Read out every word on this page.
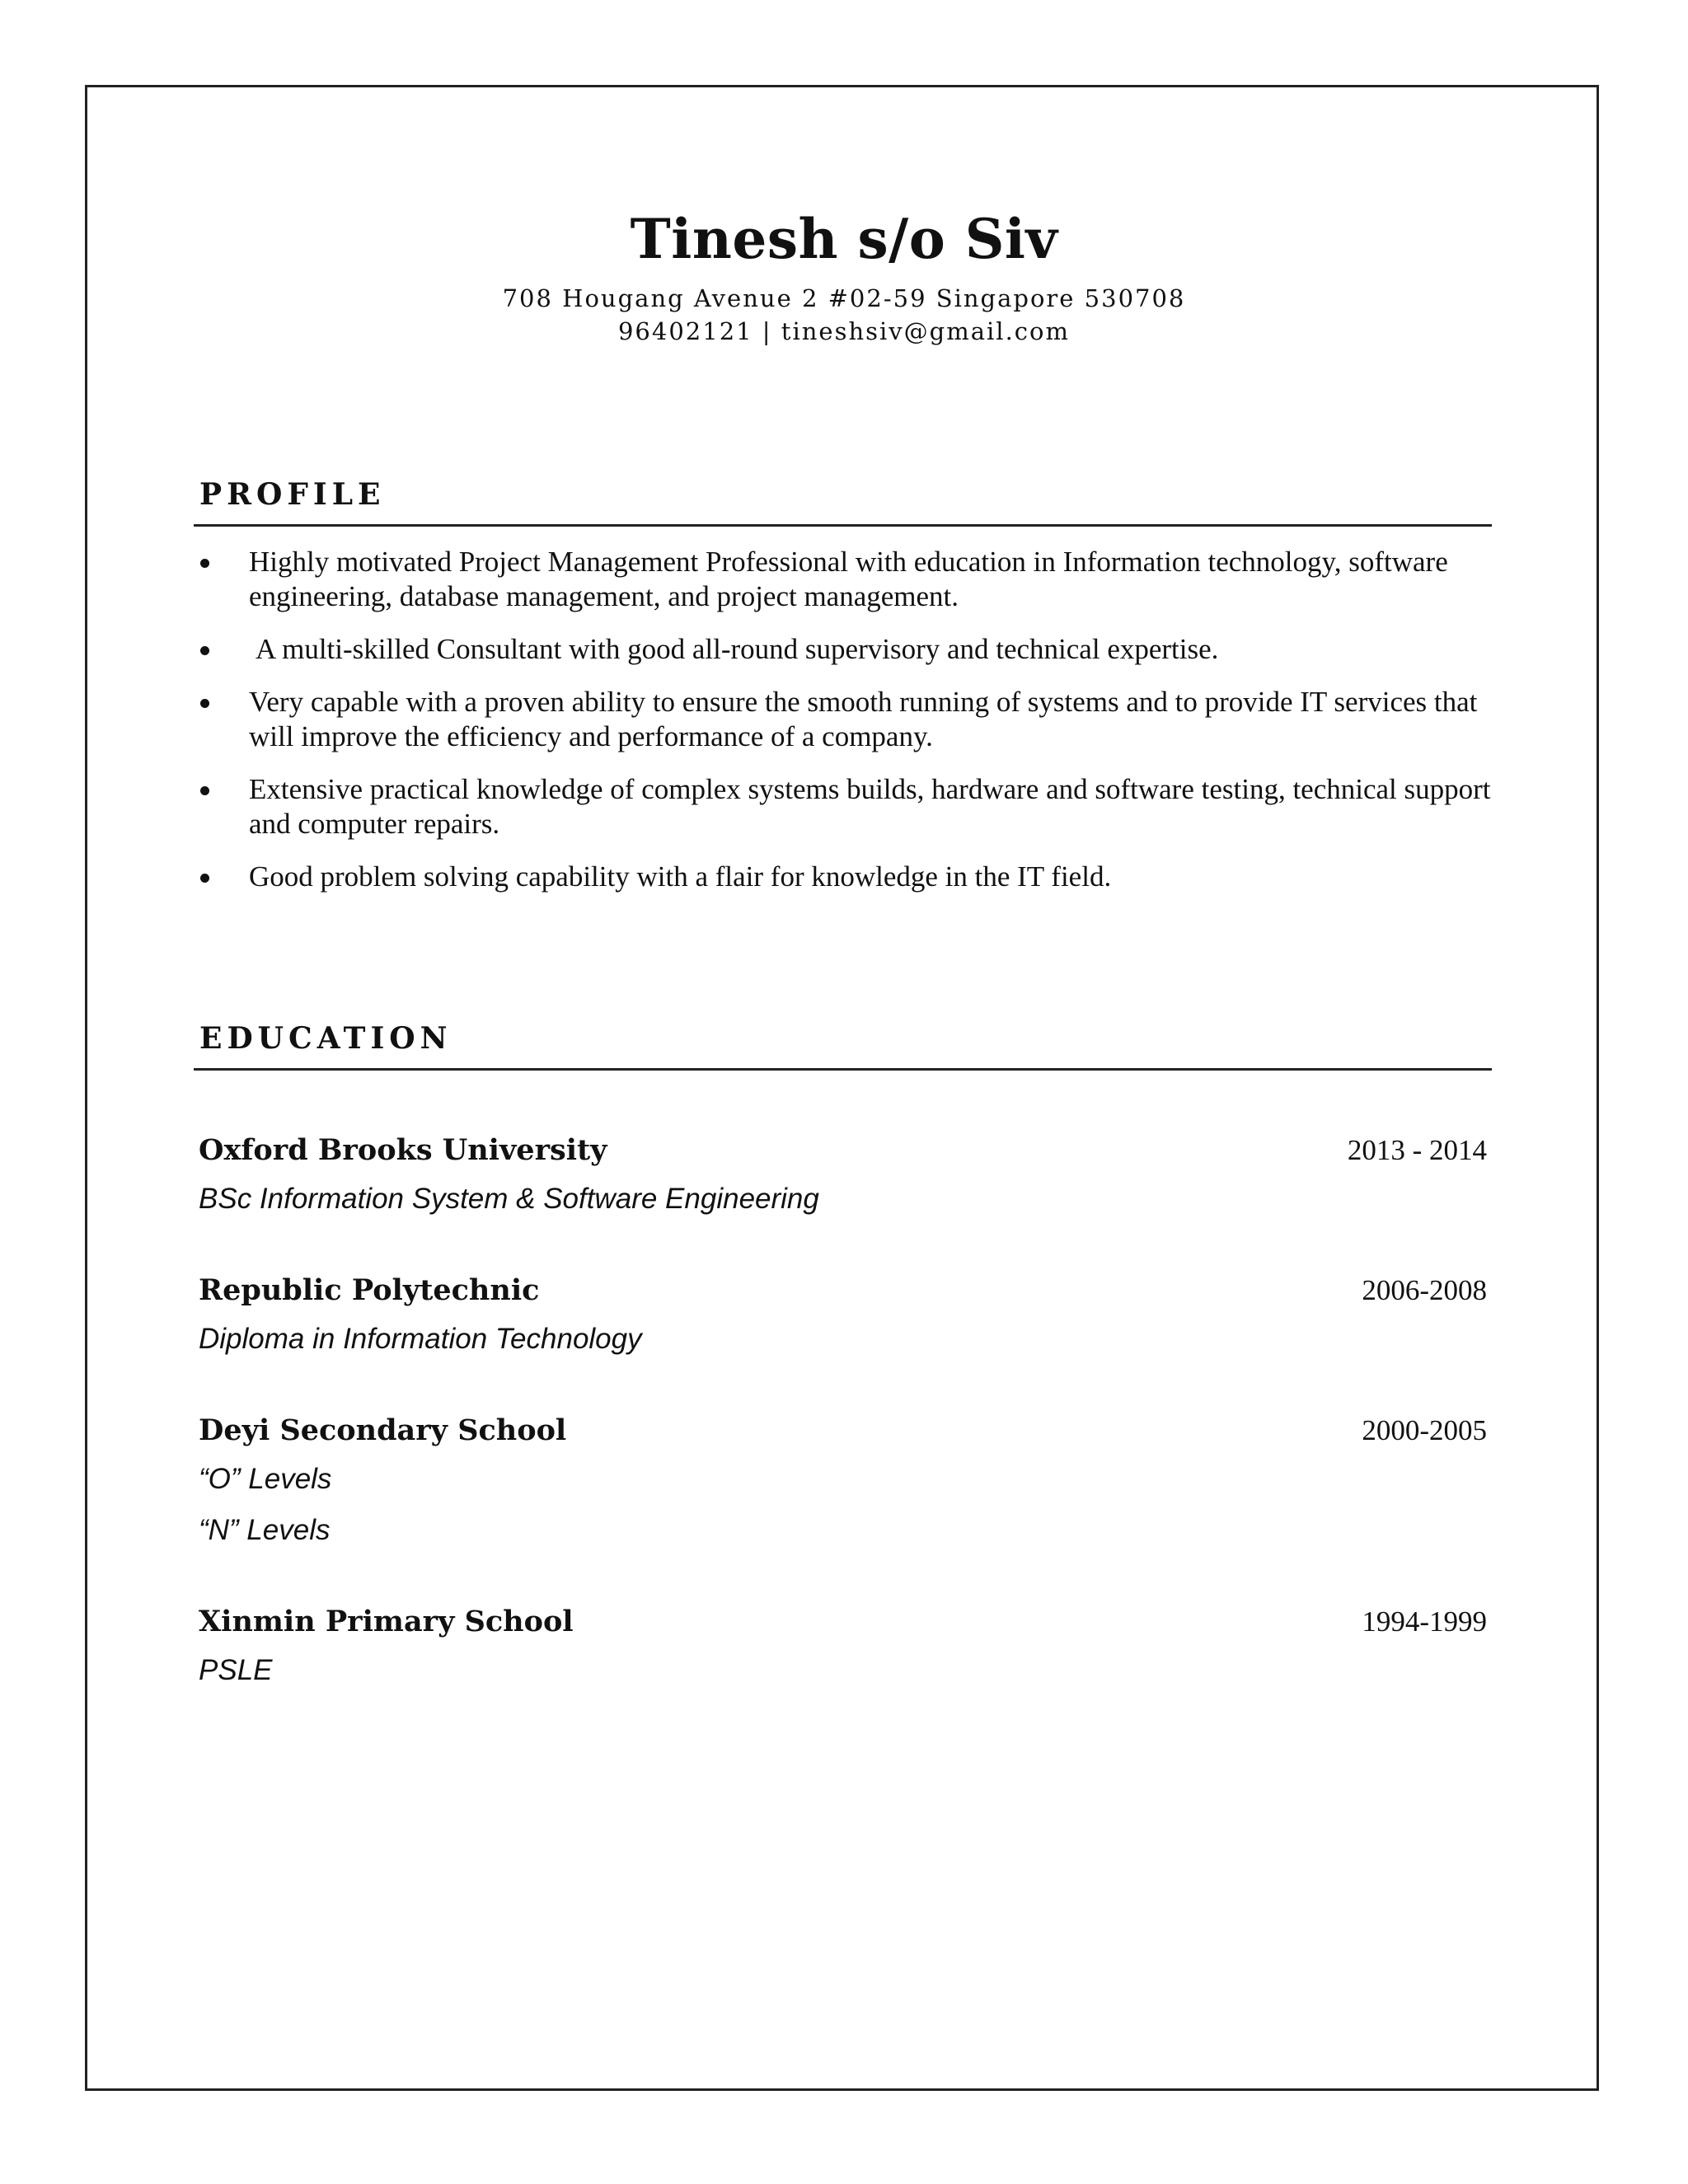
Tinesh s/o Siv
708 Hougang Avenue 2 #02-59 Singapore 530708
96402121 | tineshsiv@gmail.com
PROFILE
Highly motivated Project Management Professional with education in Information technology, software engineering, database management, and project management.
A multi-skilled Consultant with good all-round supervisory and technical expertise.
Very capable with a proven ability to ensure the smooth running of systems and to provide IT services that will improve the efficiency and performance of a company.
Extensive practical knowledge of complex systems builds, hardware and software testing, technical support and computer repairs.
Good problem solving capability with a flair for knowledge in the IT field.
EDUCATION
Oxford Brooks University	2013 - 2014
BSc Information System & Software Engineering
Republic Polytechnic	2006-2008
Diploma in Information Technology
Deyi Secondary School	2000-2005
“O” Levels
“N” Levels
Xinmin Primary School	1994-1999
PSLE
